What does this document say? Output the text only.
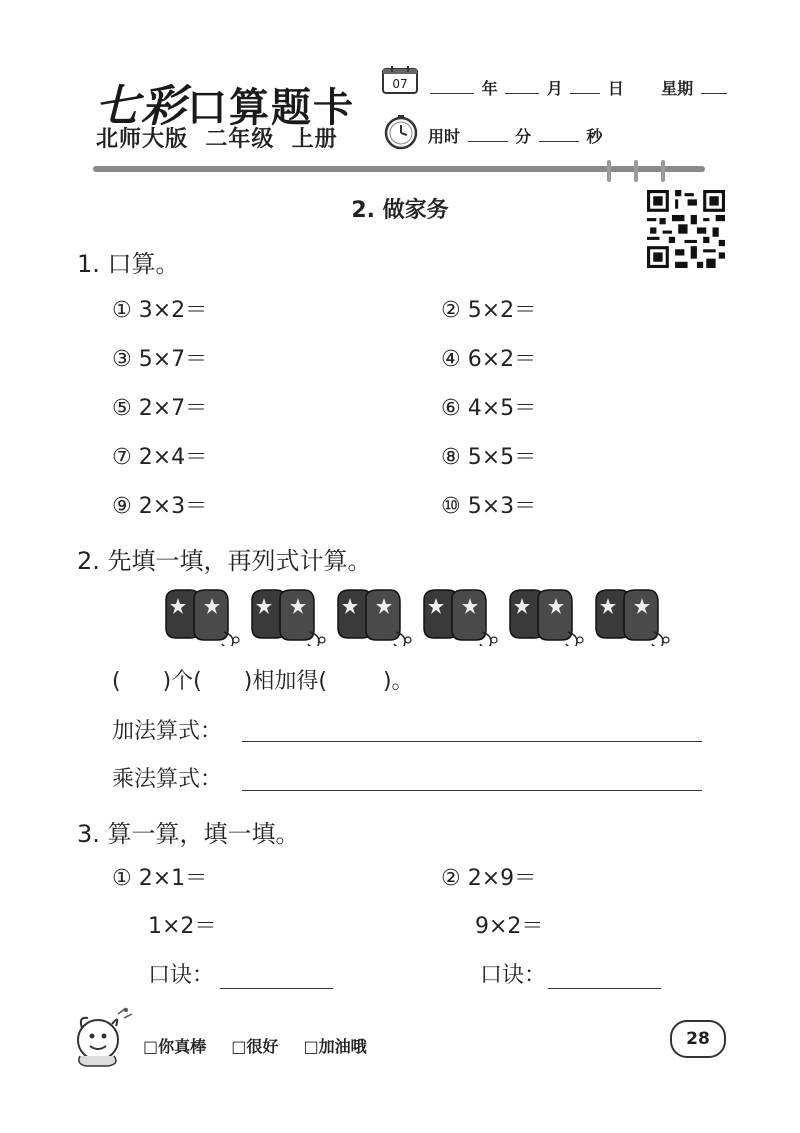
七彩口算题卡
北师大版  二年级  上册
07	年	月	日 星期
用时	分	秒
2. 做家务
1. 口算。
① 3×2＝	② 5×2＝
③ 5×7＝	④ 6×2＝
⑤ 2×7＝	⑥ 4×5＝
⑦ 2×4＝	⑧ 5×5＝
⑨ 2×3＝	⑩ 5×3＝
2. 先填一填，再列式计算。
( )个( )相加得(	)。
加法算式：
乘法算式：
3. 算一算，填一填。
① 2×1＝
1×2＝
口诀：
② 2×9＝
9×2＝
口诀：
□你真棒 □很好 □加油哦	28
